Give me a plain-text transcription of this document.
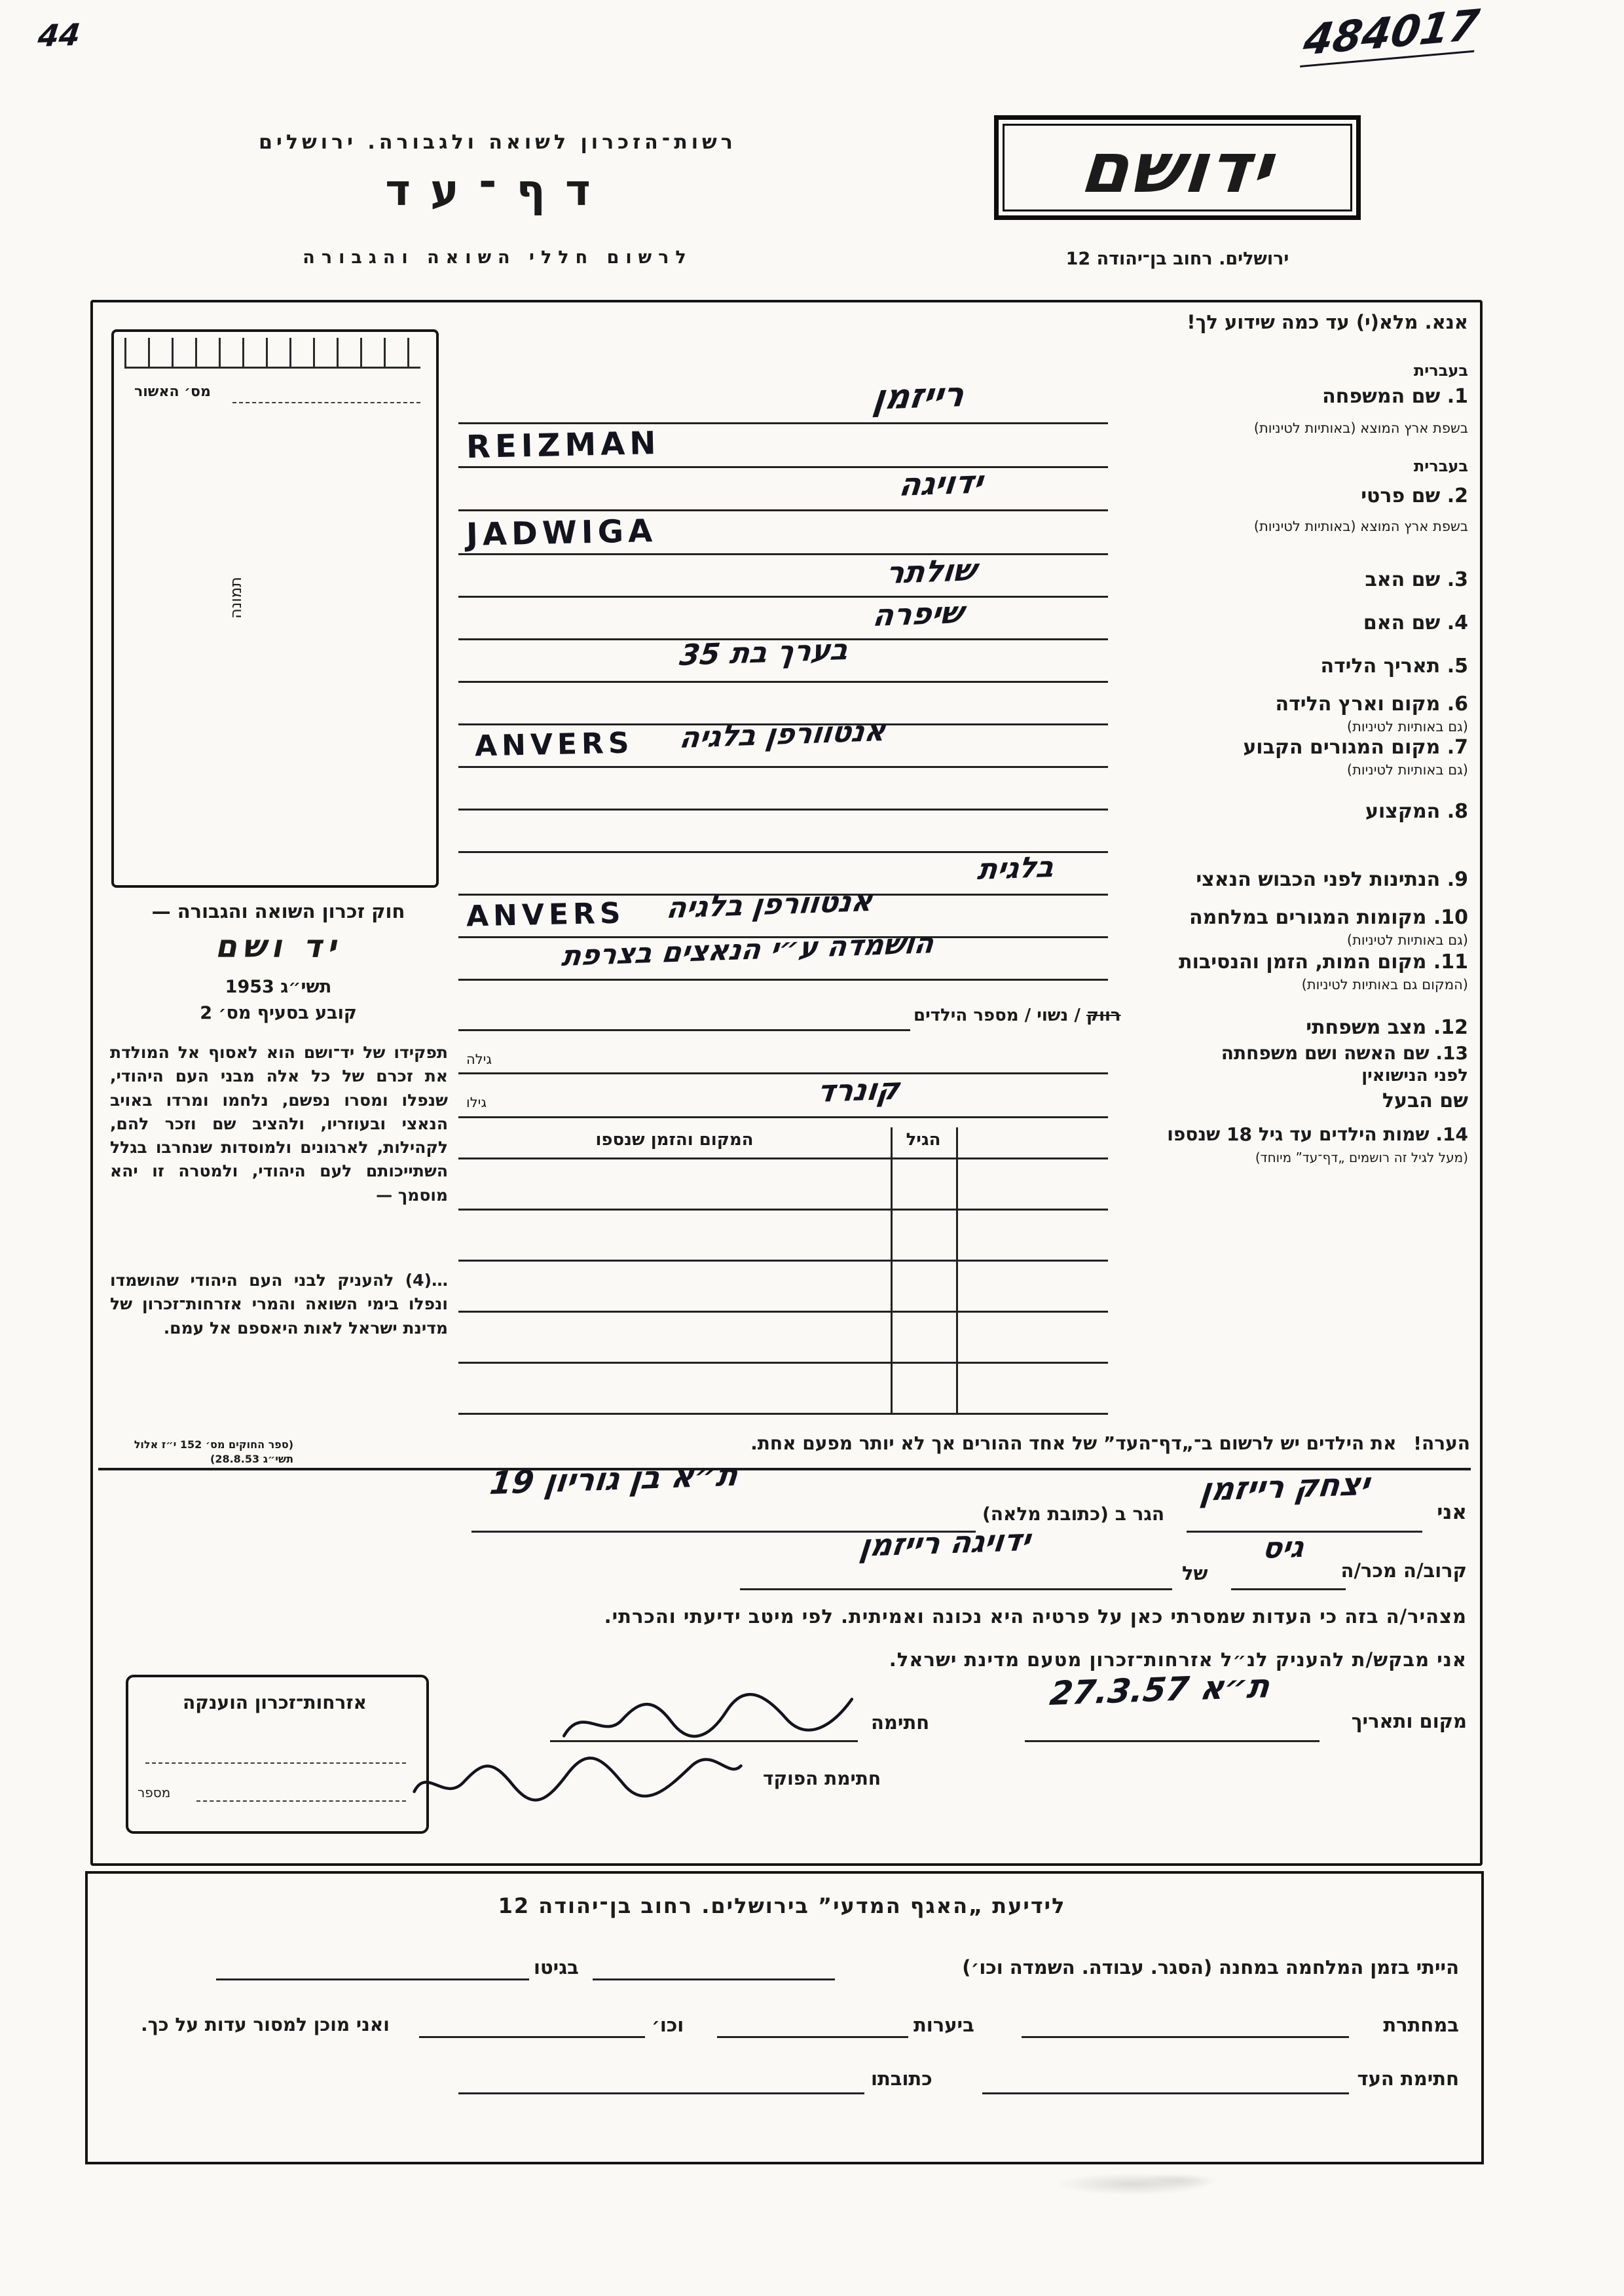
44	484017
רשות־הזכרון לשואה ולגבורה. ירושלים
דף־עד
לרשום חללי השואה והגבורה
ידושם
ירושלים. רחוב בן־יהודה 12
אנא. מלא(י) עד כמה שידוע לך!
מס׳ האשור
תמונה
חוק זכרון השואה והגבורה —
יד ושם
תשי״ג 1953
קובע בסעיף מס׳ 2
תפקידו של יד־ושם הוא לאסוף אל המולדת את זכרם של כל אלה מבני העם היהודי, שנפלו ומסרו נפשם, נלחמו ומרדו באויב הנאצי ובעוזריו, ולהציב שם וזכר להם, לקהילות, לארגונים ולמוסדות שנחרבו בגלל השתייכותם לעם היהודי, ולמטרה זו יהא מוסמך —
…(4) להעניק לבני העם היהודי שהושמדו ונפלו בימי השואה והמרי אזרחות־זכרון של מדינת ישראל לאות היאספם אל עמם.
(ספר החוקים מס׳ 152 י״ז אלול תשי״ג 28.8.53)
רייזמן
REIZMAN
ידויגה
JADWIGA
שולתר
שיפרה
בערך בת 35
ANVERS אנטוורפן בלגיה
בלגית
ANVERS אנטוורפן בלגיה
הושמדה ע״י הנאצים בצרפת
קונרד
רווק / נשוי / מספר הילדים
גילה
גילו
בעברית
1. שם המשפחה
בשפת ארץ המוצא (באותיות לטיניות)
בעברית
2. שם פרטי
בשפת ארץ המוצא (באותיות לטיניות)
3. שם האב
4. שם האם
5. תאריך הלידה
6. מקום וארץ הלידה
(גם באותיות לטיניות)
7. מקום המגורים הקבוע
(גם באותיות לטיניות)
8. המקצוע
9. הנתינות לפני הכבוש הנאצי
10. מקומות המגורים במלחמה
(גם באותיות לטיניות)
11. מקום המות, הזמן והנסיבות
(המקום גם באותיות לטיניות)
12. מצב משפחתי
13. שם האשה ושם משפחתה
לפני הנישואין
שם הבעל
14. שמות הילדים עד גיל 18 שנספו
(מעל לגיל זה רושמים „דף־עד” מיוחד)
המקום והזמן שנספו	הגיל
הערה! את הילדים יש לרשום ב־„דף־העד” של אחד ההורים אך לא יותר מפעם אחת.
אני
יצחק רייזמן
הגר ב (כתובת מלאה)
ת״א בן גוריון 19
קרוב/ה מכר/ה
גיס
של
ידויגה רייזמן
מצהיר/ה בזה כי העדות שמסרתי כאן על פרטיה היא נכונה ואמיתית. לפי מיטב ידיעתי והכרתי.
אני מבקש/ת להעניק לנ״ל אזרחות־זכרון מטעם מדינת ישראל.
מקום ותאריך
ת״א 27.3.57
חתימה
חתימת הפוקד
אזרחות־זכרון הוענקה
מספר
לידיעת „האגף המדעי” בירושלים. רחוב בן־יהודה 12
הייתי בזמן המלחמה במחנה (הסגר. עבודה. השמדה וכו׳)
בגיטו
במחתרת
ביערות
וכו׳
ואני מוכן למסור עדות על כך.
חתימת העד
כתובתו
